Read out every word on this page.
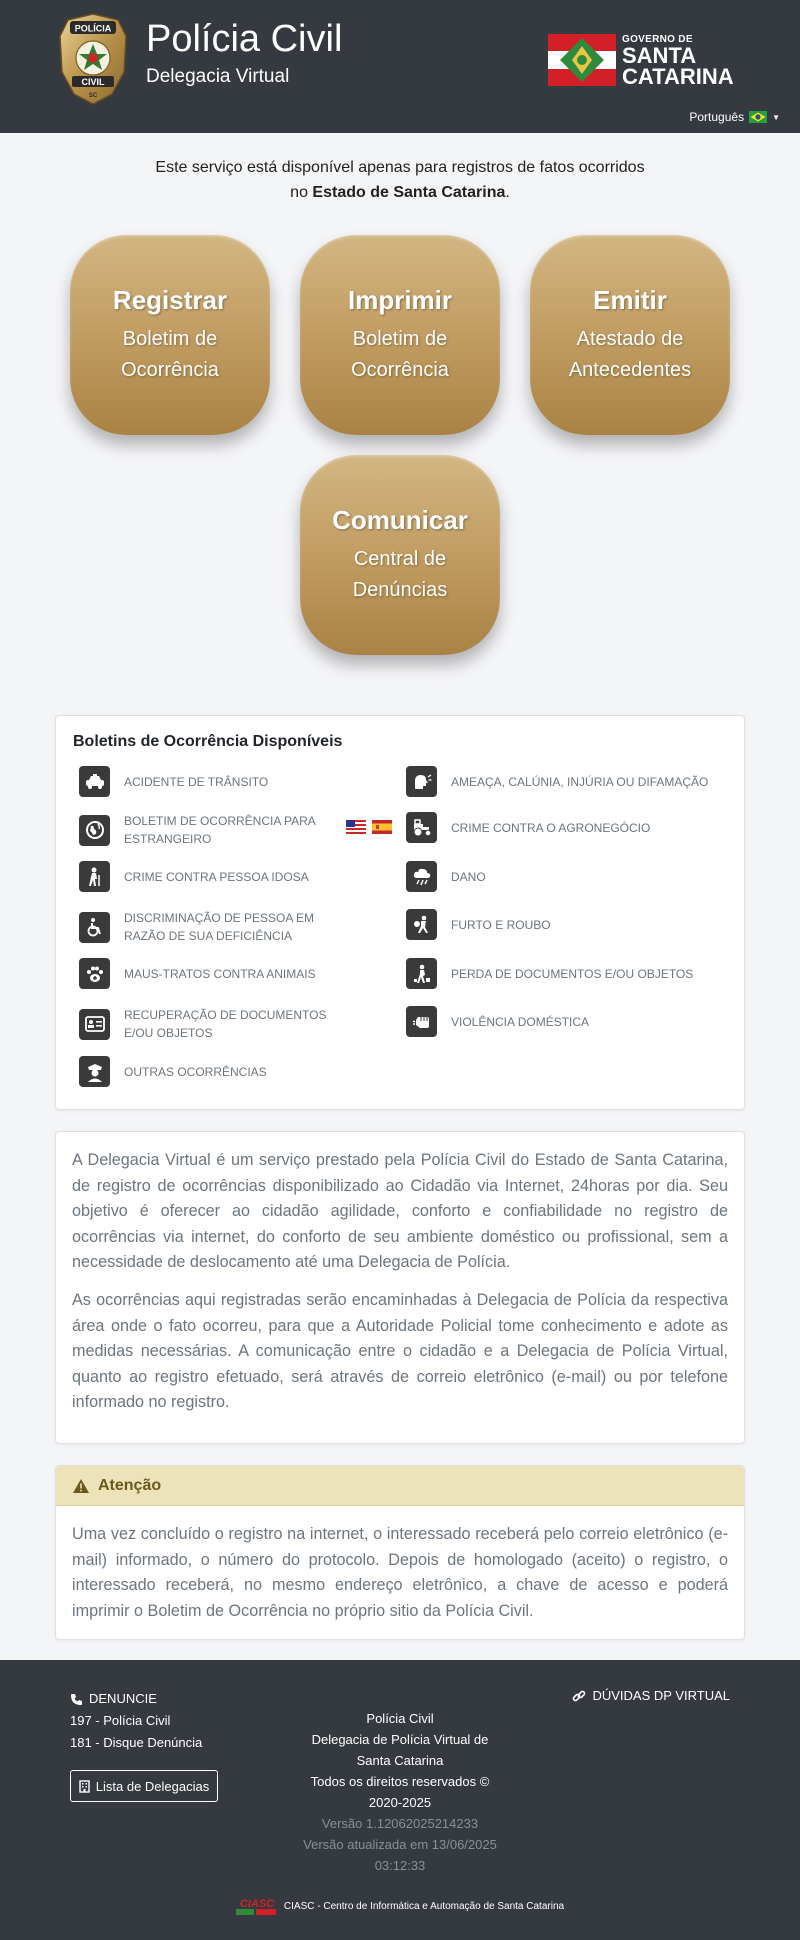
POLÍCIA
CIVIL
SC
Polícia Civil
Delegacia Virtual
GOVERNO DE
SANTA
CATARINA
Português	▼
Este serviço está disponível apenas para registros de fatos ocorridos
no Estado de Santa Catarina.
Registrar
Boletim de
Ocorrência
Imprimir
Boletim de
Ocorrência
Emitir
Atestado de
Antecedentes
Comunicar
Central de
Denúncias
Boletins de Ocorrência Disponíveis
ACIDENTE DE TRÂNSITO
BOLETIM DE OCORRÊNCIA PARA ESTRANGEIRO
CRIME CONTRA PESSOA IDOSA
DISCRIMINAÇÃO DE PESSOA EM RAZÃO DE SUA DEFICIÊNCIA
MAUS-TRATOS CONTRA ANIMAIS
RECUPERAÇÃO DE DOCUMENTOS E/OU OBJETOS
OUTRAS OCORRÊNCIAS
AMEAÇA, CALÚNIA, INJÚRIA OU DIFAMAÇÃO
CRIME CONTRA O AGRONEGÓCIO
DANO
FURTO E ROUBO
PERDA DE DOCUMENTOS E/OU OBJETOS
VIOLÊNCIA DOMÉSTICA

A Delegacia Virtual é um serviço prestado pela Polícia Civil do Estado de Santa Catarina, de registro de ocorrências disponibilizado ao Cidadão via Internet, 24horas por dia. Seu objetivo é oferecer ao cidadão agilidade, conforto e confiabilidade no registro de ocorrências via internet, do conforto de seu ambiente doméstico ou profissional, sem a necessidade de deslocamento até uma Delegacia de Polícia.

As ocorrências aqui registradas serão encaminhadas à Delegacia de Polícia da respectiva área onde o fato ocorreu, para que a Autoridade Policial tome conhecimento e adote as medidas necessárias. A comunicação entre o cidadão e a Delegacia de Polícia Virtual, quanto ao registro efetuado, será através de correio eletrônico (e-mail) ou por telefone informado no registro.

Atenção
Uma vez concluído o registro na internet, o interessado receberá pelo correio eletrônico (e-mail) informado, o número do protocolo. Depois de homologado (aceito) o registro, o interessado receberá, no mesmo endereço eletrônico, a chave de acesso e poderá imprimir o Boletim de Ocorrência no próprio sitio da Polícia Civil.
DENUNCIE
197 - Polícia Civil
181 - Disque Denúncia
Lista de Delegacias
Polícia Civil
Delegacia de Polícia Virtual de
Santa Catarina
Todos os direitos reservados ©
2020-2025
Versão 1.12062025214233
Versão atualizada em 13/06/2025
03:12:33
DÚVIDAS DP VIRTUAL
CIASC CIASC - Centro de Informática e Automação de Santa Catarina
